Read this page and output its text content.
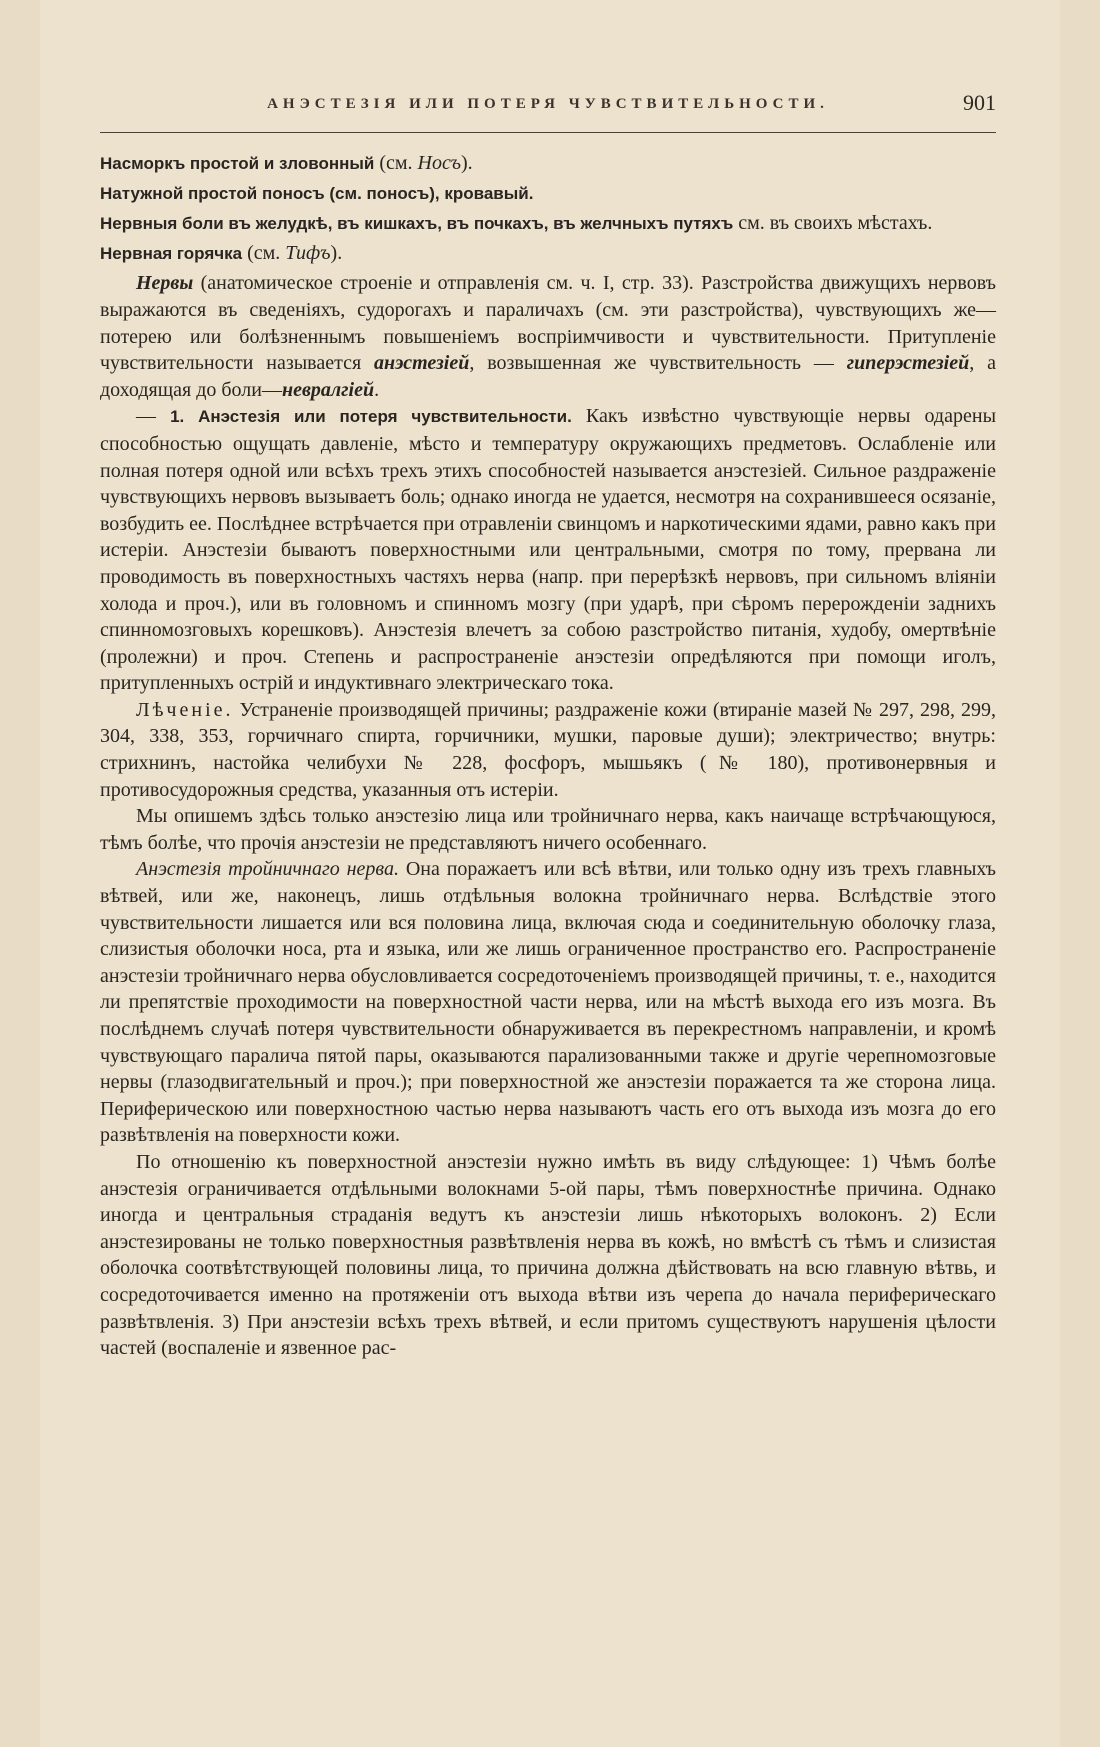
АНЭСТЕЗІЯ ИЛИ ПОТЕРЯ ЧУВСТВИТЕЛЬНОСТИ.	901

Насморкъ простой и зловонный (см. Носъ).

Натужной простой поносъ (см. поносъ), кровавый.

Нервныя боли въ желудкѣ, въ кишкахъ, въ почкахъ, въ желчныхъ путяхъ см. въ своихъ мѣстахъ.

Нервная горячка (см. Тифъ).

Нервы (анатомическое строеніе и отправленія см. ч. I, стр. 33). Разстройства движущихъ нервовъ выражаются въ сведеніяхъ, судорогахъ и параличахъ (см. эти разстройства), чувствующихъ же—потерею или болѣзненнымъ повышеніемъ воспріимчивости и чувствительности. Притупленіе чувствительности называется анэстезіей, возвышенная же чувствительность — гиперэстезіей, а доходящая до боли—невралгіей.

— 1. Анэстезія или потеря чувствительности. Какъ извѣстно чувствующіе нервы одарены способностью ощущать давленіе, мѣсто и температуру окружающихъ предметовъ. Ослабленіе или полная потеря одной или всѣхъ трехъ этихъ способностей называется анэстезіей. Сильное раздраженіе чувствующихъ нервовъ вызываетъ боль; однако иногда не удается, несмотря на сохранившееся осязаніе, возбудить ее. Послѣднее встрѣчается при отравленіи свинцомъ и наркотическими ядами, равно какъ при истеріи. Анэстезіи бываютъ поверхностными или центральными, смотря по тому, прервана ли проводимость въ поверхностныхъ частяхъ нерва (напр. при перерѣзкѣ нервовъ, при сильномъ вліяніи холода и проч.), или въ головномъ и спинномъ мозгу (при ударѣ, при сѣромъ перерожденіи заднихъ спинномозговыхъ корешковъ). Анэстезія влечетъ за собою разстройство питанія, худобу, омертвѣніе (пролежни) и проч. Степень и распространеніе анэстезіи опредѣляются при помощи иголъ, притупленныхъ острій и индуктивнаго электрическаго тока.

Лѣченіе. Устраненіе производящей причины; раздраженіе кожи (втираніе мазей № 297, 298, 299, 304, 338, 353, горчичнаго спирта, горчичники, мушки, паровые души); электричество; внутрь: стрихнинъ, настойка челибухи № 228, фосфоръ, мышьякъ (№ 180), противонервныя и противосудорожныя средства, указанныя отъ истеріи.

Мы опишемъ здѣсь только анэстезію лица или тройничнаго нерва, какъ наичаще встрѣчающуюся, тѣмъ болѣе, что прочія анэстезіи не представляютъ ничего особеннаго.

Анэстезія тройничнаго нерва. Она поражаетъ или всѣ вѣтви, или только одну изъ трехъ главныхъ вѣтвей, или же, наконецъ, лишь отдѣльныя волокна тройничнаго нерва. Вслѣдствіе этого чувствительности лишается или вся половина лица, включая сюда и соединительную оболочку глаза, слизистыя оболочки носа, рта и языка, или же лишь ограниченное пространство его. Распространеніе анэстезіи тройничнаго нерва обусловливается сосредоточеніемъ производящей причины, т. е., находится ли препятствіе проходимости на поверхностной части нерва, или на мѣстѣ выхода его изъ мозга. Въ послѣднемъ случаѣ потеря чувствительности обнаруживается въ перекрестномъ направленіи, и кромѣ чувствующаго паралича пятой пары, оказываются парализованными также и другіе черепномозговые нервы (глазодвигательный и проч.); при поверхностной же анэстезіи поражается та же сторона лица. Периферическою или поверхностною частью нерва называютъ часть его отъ выхода изъ мозга до его развѣтвленія на поверхности кожи.

По отношенію къ поверхностной анэстезіи нужно имѣть въ виду слѣдующее: 1) Чѣмъ болѣе анэстезія ограничивается отдѣльными волокнами 5-ой пары, тѣмъ поверхностнѣе причина. Однако иногда и центральныя страданія ведутъ къ анэстезіи лишь нѣкоторыхъ волоконъ. 2) Если анэстезированы не только поверхностныя развѣтвленія нерва въ кожѣ, но вмѣстѣ съ тѣмъ и слизистая оболочка соотвѣтствующей половины лица, то причина должна дѣйствовать на всю главную вѣтвь, и сосредоточивается именно на протяженіи отъ выхода вѣтви изъ черепа до начала периферическаго развѣтвленія. 3) При анэстезіи всѣхъ трехъ вѣтвей, и если притомъ существуютъ нарушенія цѣлости частей (воспаленіе и язвенное рас-
